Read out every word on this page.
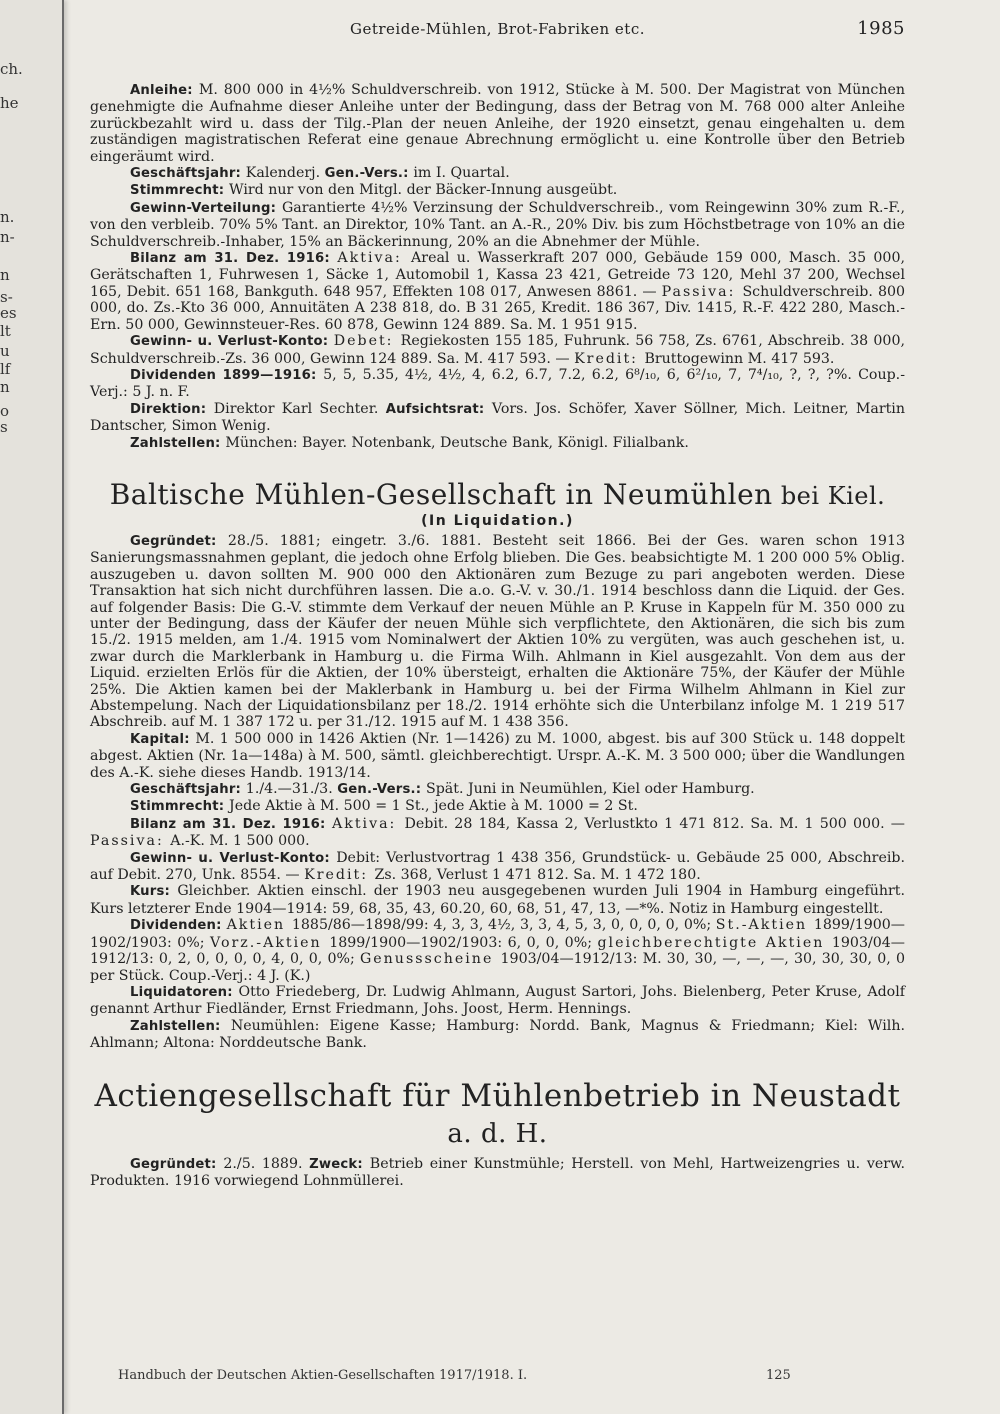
ch.
he
n.
n-
n
s-
es
lt
u
lf
n
o
s
Getreide-Mühlen, Brot-Fabriken etc.	1985

Anleihe: M. 800 000 in 4½% Schuldverschreib. von 1912, Stücke à M. 500. Der Magistrat von München genehmigte die Aufnahme dieser Anleihe unter der Bedingung, dass der Betrag von M. 768 000 alter Anleihe zurückbezahlt wird u. dass der Tilg.-Plan der neuen Anleihe, der 1920 einsetzt, genau eingehalten u. dem zuständigen magistratischen Referat eine genaue Abrechnung ermöglicht u. eine Kontrolle über den Betrieb eingeräumt wird.

Geschäftsjahr: Kalenderj. Gen.-Vers.: im I. Quartal.

Stimmrecht: Wird nur von den Mitgl. der Bäcker-Innung ausgeübt.

Gewinn-Verteilung: Garantierte 4½% Verzinsung der Schuldverschreib., vom Reingewinn 30% zum R.-F., von den verbleib. 70% 5% Tant. an Direktor, 10% Tant. an A.-R., 20% Div. bis zum Höchstbetrage von 10% an die Schuldverschreib.-Inhaber, 15% an Bäckerinnung, 20% an die Abnehmer der Mühle.

Bilanz am 31. Dez. 1916: Aktiva: Areal u. Wasserkraft 207 000, Gebäude 159 000, Masch. 35 000, Gerätschaften 1, Fuhrwesen 1, Säcke 1, Automobil 1, Kassa 23 421, Getreide 73 120, Mehl 37 200, Wechsel 165, Debit. 651 168, Bankguth. 648 957, Effekten 108 017, Anwesen 8861. — Passiva: Schuldverschreib. 800 000, do. Zs.-Kto 36 000, Annuitäten A 238 818, do. B 31 265, Kredit. 186 367, Div. 1415, R.-F. 422 280, Masch.-Ern. 50 000, Gewinnsteuer-Res. 60 878, Gewinn 124 889. Sa. M. 1 951 915.

Gewinn- u. Verlust-Konto: Debet: Regiekosten 155 185, Fuhrunk. 56 758, Zs. 6761, Abschreib. 38 000, Schuldverschreib.-Zs. 36 000, Gewinn 124 889. Sa. M. 417 593. — Kredit: Bruttogewinn M. 417 593.

Dividenden 1899—1916: 5, 5, 5.35, 4½, 4½, 4, 6.2, 6.7, 7.2, 6.2, 6⁸/₁₀, 6, 6²/₁₀, 7, 7⁴/₁₀, ?, ?, ?%. Coup.-Verj.: 5 J. n. F.

Direktion: Direktor Karl Sechter. Aufsichtsrat: Vors. Jos. Schöfer, Xaver Söllner, Mich. Leitner, Martin Dantscher, Simon Wenig.

Zahlstellen: München: Bayer. Notenbank, Deutsche Bank, Königl. Filialbank.

Baltische Mühlen-Gesellschaft in Neumühlen bei Kiel.
(In Liquidation.)

Gegründet: 28./5. 1881; eingetr. 3./6. 1881. Besteht seit 1866. Bei der Ges. waren schon 1913 Sanierungsmassnahmen geplant, die jedoch ohne Erfolg blieben. Die Ges. beabsichtigte M. 1 200 000 5% Oblig. auszugeben u. davon sollten M. 900 000 den Aktionären zum Bezuge zu pari angeboten werden. Diese Transaktion hat sich nicht durchführen lassen. Die a.o. G.-V. v. 30./1. 1914 beschloss dann die Liquid. der Ges. auf folgender Basis: Die G.-V. stimmte dem Verkauf der neuen Mühle an P. Kruse in Kappeln für M. 350 000 zu unter der Bedingung, dass der Käufer der neuen Mühle sich verpflichtete, den Aktionären, die sich bis zum 15./2. 1915 melden, am 1./4. 1915 vom Nominalwert der Aktien 10% zu vergüten, was auch geschehen ist, u. zwar durch die Marklerbank in Hamburg u. die Firma Wilh. Ahlmann in Kiel ausgezahlt. Von dem aus der Liquid. erzielten Erlös für die Aktien, der 10% übersteigt, erhalten die Aktionäre 75%, der Käufer der Mühle 25%. Die Aktien kamen bei der Maklerbank in Hamburg u. bei der Firma Wilhelm Ahlmann in Kiel zur Abstempelung. Nach der Liquidationsbilanz per 18./2. 1914 erhöhte sich die Unterbilanz infolge M. 1 219 517 Abschreib. auf M. 1 387 172 u. per 31./12. 1915 auf M. 1 438 356.

Kapital: M. 1 500 000 in 1426 Aktien (Nr. 1—1426) zu M. 1000, abgest. bis auf 300 Stück u. 148 doppelt abgest. Aktien (Nr. 1a—148a) à M. 500, sämtl. gleichberechtigt. Urspr. A.-K. M. 3 500 000; über die Wandlungen des A.-K. siehe dieses Handb. 1913/14.

Geschäftsjahr: 1./4.—31./3. Gen.-Vers.: Spät. Juni in Neumühlen, Kiel oder Hamburg.

Stimmrecht: Jede Aktie à M. 500 = 1 St., jede Aktie à M. 1000 = 2 St.

Bilanz am 31. Dez. 1916: Aktiva: Debit. 28 184, Kassa 2, Verlustkto 1 471 812. Sa. M. 1 500 000. — Passiva: A.-K. M. 1 500 000.

Gewinn- u. Verlust-Konto: Debit: Verlustvortrag 1 438 356, Grundstück- u. Gebäude 25 000, Abschreib. auf Debit. 270, Unk. 8554. — Kredit: Zs. 368, Verlust 1 471 812. Sa. M. 1 472 180.

Kurs: Gleichber. Aktien einschl. der 1903 neu ausgegebenen wurden Juli 1904 in Hamburg eingeführt. Kurs letzterer Ende 1904—1914: 59, 68, 35, 43, 60.20, 60, 68, 51, 47, 13, —*%. Notiz in Hamburg eingestellt.

Dividenden: Aktien 1885/86—1898/99: 4, 3, 3, 4½, 3, 3, 4, 5, 3, 0, 0, 0, 0, 0%; St.-Aktien 1899/1900—1902/1903: 0%; Vorz.-Aktien 1899/1900—1902/1903: 6, 0, 0, 0%; gleichberechtigte Aktien 1903/04—1912/13: 0, 2, 0, 0, 0, 0, 4, 0, 0, 0%; Genussscheine 1903/04—1912/13: M. 30, 30, —, —, —, 30, 30, 30, 0, 0 per Stück. Coup.-Verj.: 4 J. (K.)

Liquidatoren: Otto Friedeberg, Dr. Ludwig Ahlmann, August Sartori, Johs. Bielenberg, Peter Kruse, Adolf genannt Arthur Fiedländer, Ernst Friedmann, Johs. Joost, Herm. Hennings.

Zahlstellen: Neumühlen: Eigene Kasse; Hamburg: Nordd. Bank, Magnus & Friedmann; Kiel: Wilh. Ahlmann; Altona: Norddeutsche Bank.

Actiengesellschaft für Mühlenbetrieb in Neustadt a. d. H.

Gegründet: 2./5. 1889. Zweck: Betrieb einer Kunstmühle; Herstell. von Mehl, Hartweizengries u. verw. Produkten. 1916 vorwiegend Lohnmüllerei.

Handbuch der Deutschen Aktien-Gesellschaften 1917/1918. I.	125
